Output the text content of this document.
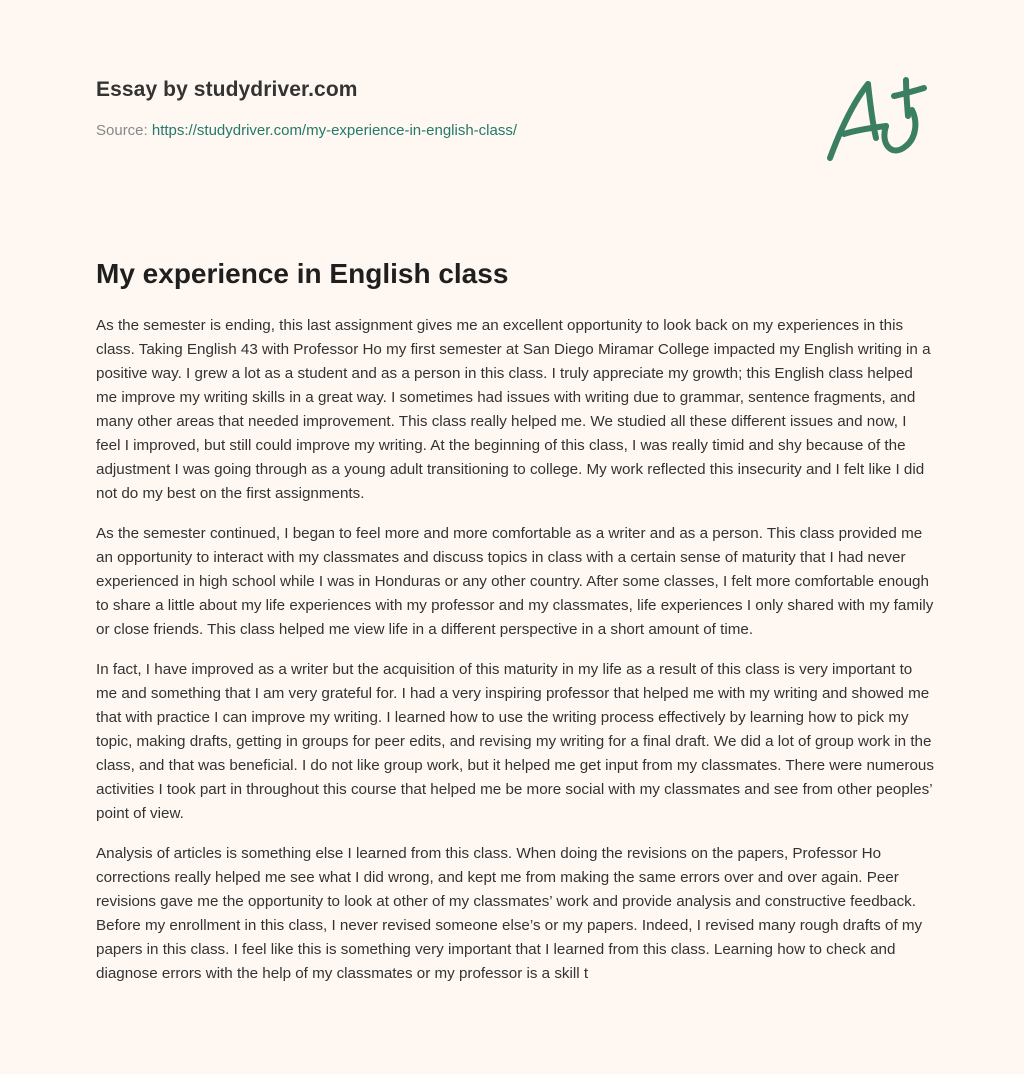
Essay by studydriver.com
Source: https://studydriver.com/my-experience-in-english-class/
My experience in English class

As the semester is ending, this last assignment gives me an excellent opportunity to look back on my experiences in this class. Taking English 43 with Professor Ho my first semester at San Diego Miramar College impacted my English writing in a positive way. I grew a lot as a student and as a person in this class. I truly appreciate my growth; this English class helped me improve my writing skills in a great way. I sometimes had issues with writing due to grammar, sentence fragments, and many other areas that needed improvement. This class really helped me. We studied all these different issues and now, I feel I improved, but still could improve my writing. At the beginning of this class, I was really timid and shy because of the adjustment I was going through as a young adult transitioning to college. My work reflected this insecurity and I felt like I did not do my best on the first assignments.

As the semester continued, I began to feel more and more comfortable as a writer and as a person. This class provided me an opportunity to interact with my classmates and discuss topics in class with a certain sense of maturity that I had never experienced in high school while I was in Honduras or any other country. After some classes, I felt more comfortable enough to share a little about my life experiences with my professor and my classmates, life experiences I only shared with my family or close friends. This class helped me view life in a different perspective in a short amount of time.

In fact, I have improved as a writer but the acquisition of this maturity in my life as a result of this class is very important to me and something that I am very grateful for. I had a very inspiring professor that helped me with my writing and showed me that with practice I can improve my writing. I learned how to use the writing process effectively by learning how to pick my topic, making drafts, getting in groups for peer edits, and revising my writing for a final draft. We did a lot of group work in the class, and that was beneficial. I do not like group work, but it helped me get input from my classmates. There were numerous activities I took part in throughout this course that helped me be more social with my classmates and see from other peoples’ point of view.

Analysis of articles is something else I learned from this class. When doing the revisions on the papers, Professor Ho corrections really helped me see what I did wrong, and kept me from making the same errors over and over again. Peer revisions gave me the opportunity to look at other of my classmates’ work and provide analysis and constructive feedback. Before my enrollment in this class, I never revised someone else’s or my papers. Indeed, I revised many rough drafts of my papers in this class. I feel like this is something very important that I learned from this class. Learning how to check and diagnose errors with the help of my classmates or my professor is a skill t
